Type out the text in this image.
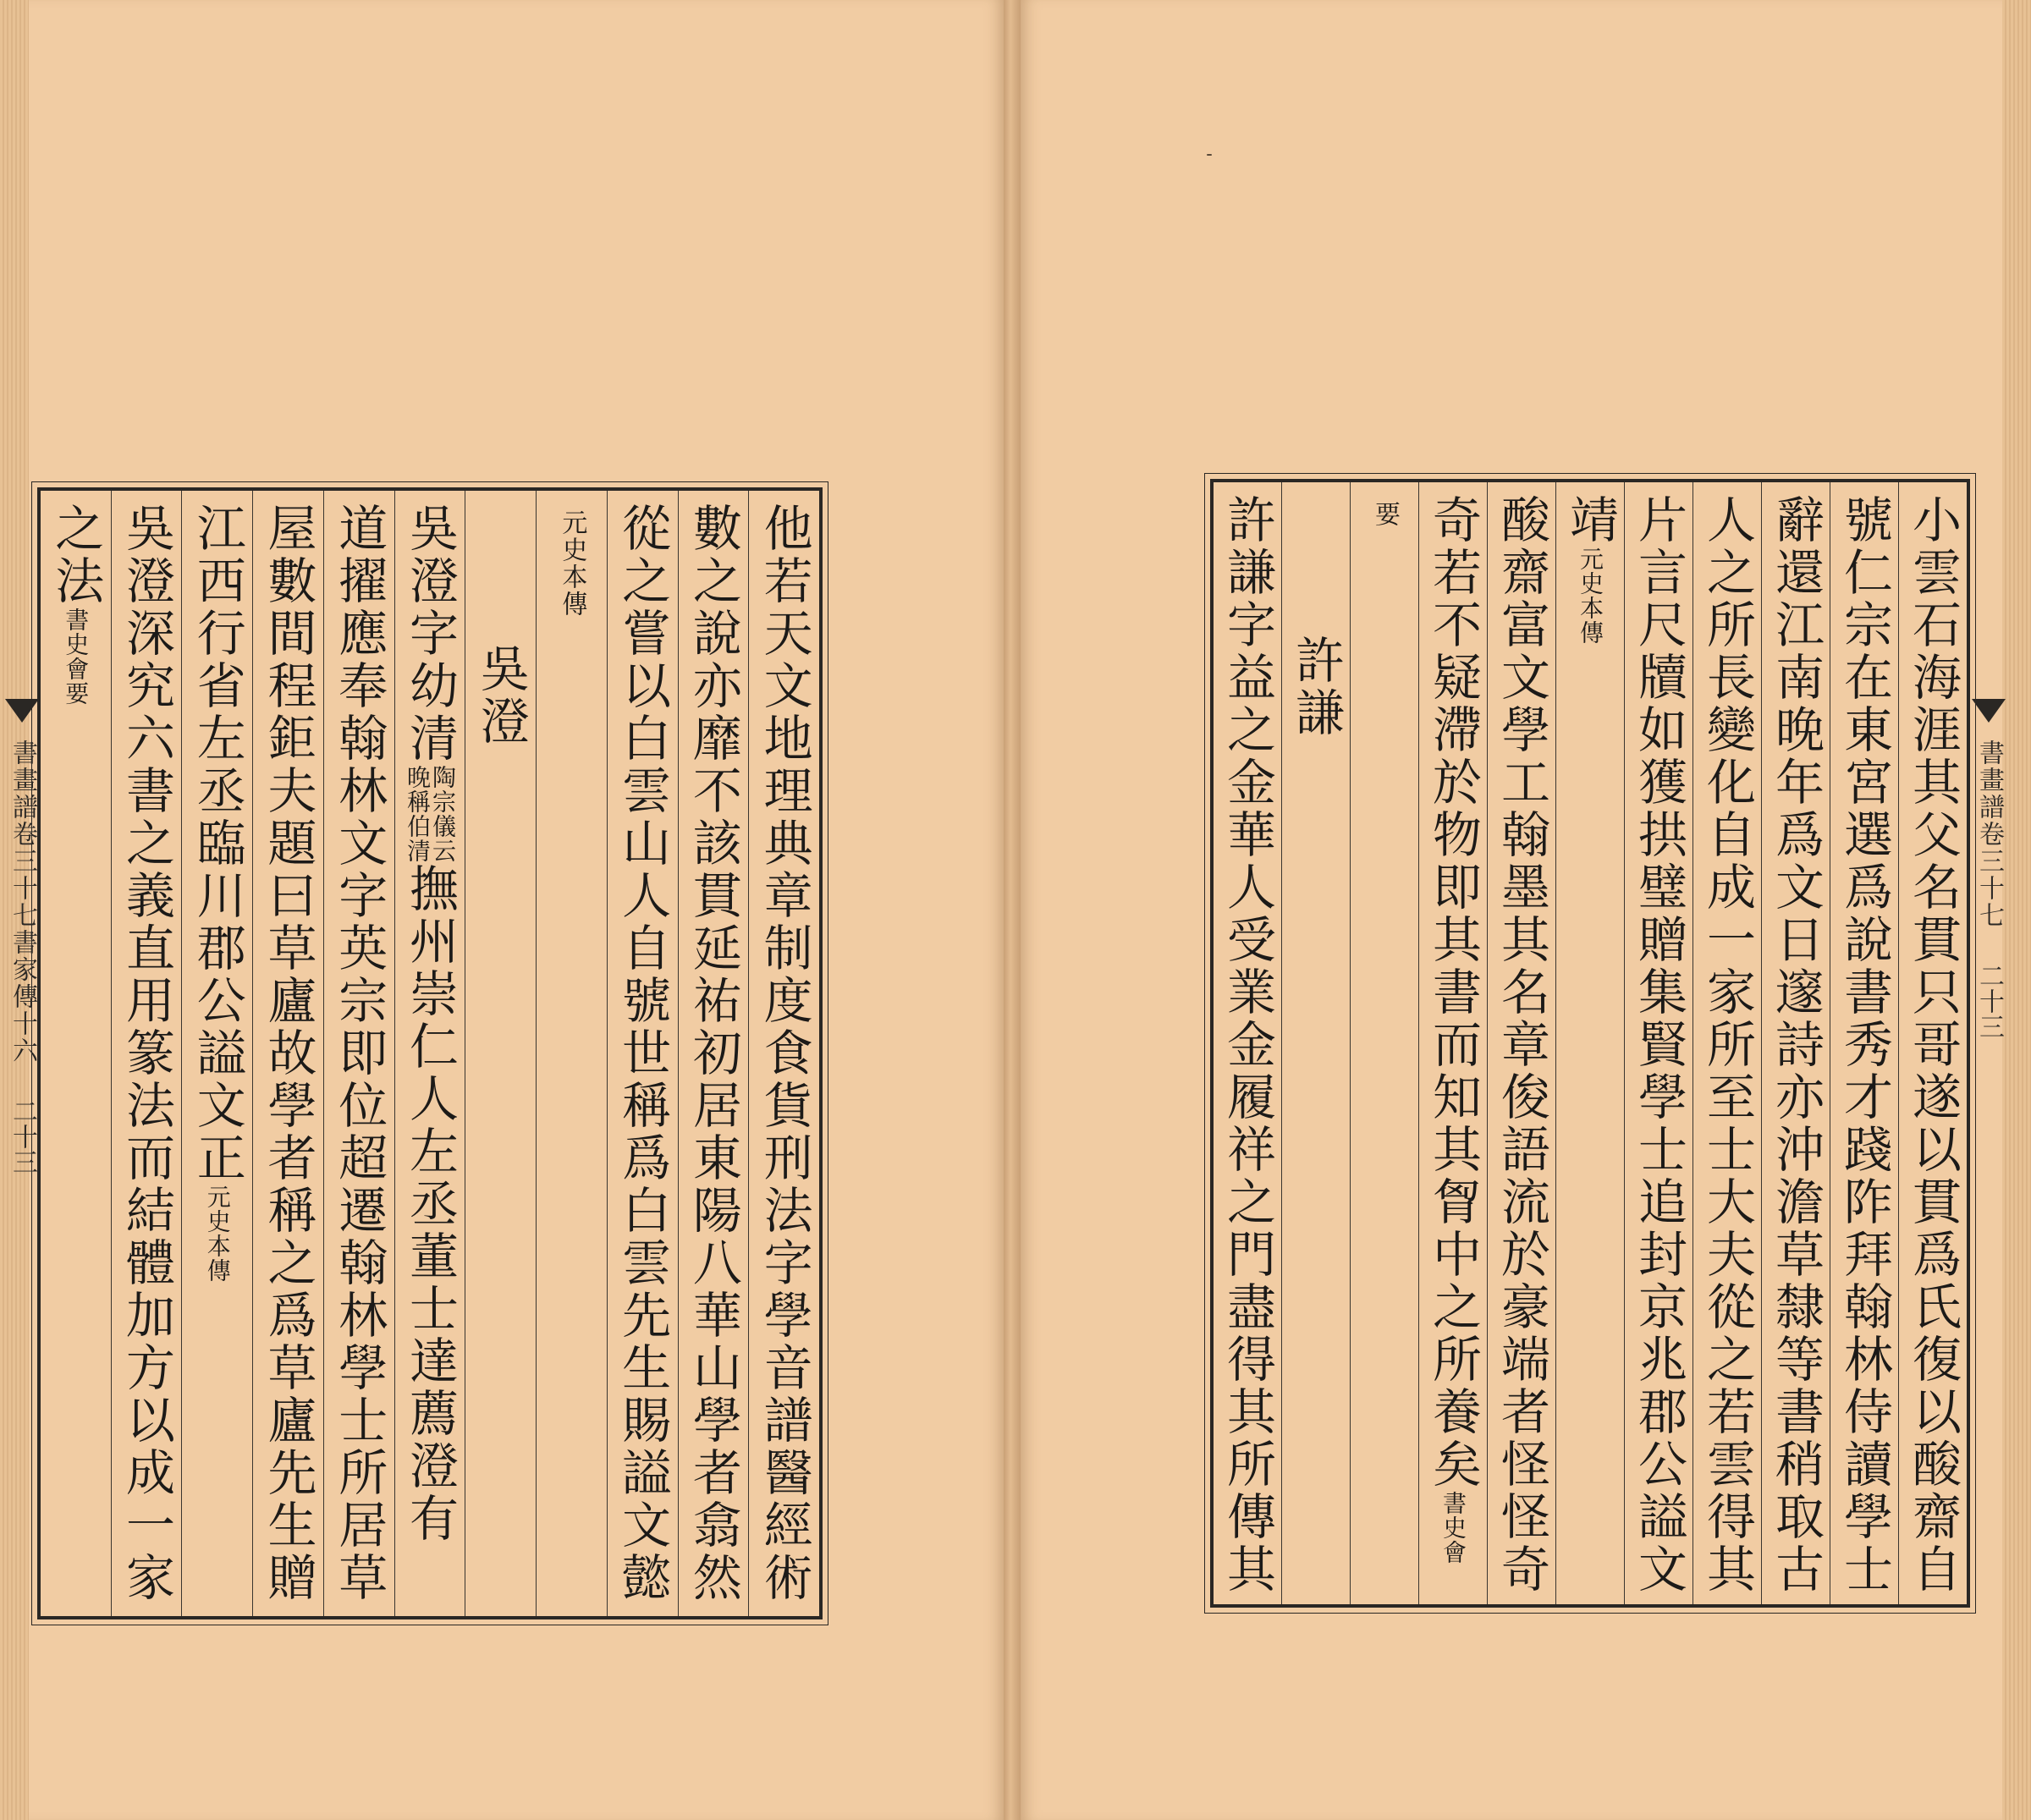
書畫譜卷三十七書家傳十六
二十三	他若天文地理典章制度食貨刑法字學音譜醫經術
數之說亦靡不該貫延祐初居東陽八華山學者翕然
從之嘗以白雲山人自號世稱爲白雲先生賜謚文懿
元史本傳
吳澄
吳澄字幼清
陶宗儀云
晚稱伯清
撫州崇仁人左丞董士達薦澄有
道擢應奉翰林文字英宗即位超遷翰林學士所居草
屋數間程鉅夫題曰草廬故學者稱之爲草廬先生贈
江西行省左丞臨川郡公謚文正元史本傳
吳澄深究六書之義直用篆法而結體加方以成一家
之法書史會要	小雲石海涯其父名貫只哥遂以貫爲氏復以酸齋自
號仁宗在東宮選爲說書秀才踐阼拜翰林侍讀學士
辭還江南晚年爲文日邃詩亦沖澹草隸等書稍取古
人之所長變化自成一家所至士大夫從之若雲得其
片言尺牘如獲拱璧贈集賢學士追封京兆郡公謚文
靖元史本傳
酸齋富文學工翰墨其名章俊語流於豪端者怪怪奇
奇若不疑滯於物即其書而知其胷中之所養矣書史會
要
許謙
許謙字益之金華人受業金履祥之門盡得其所傳其	書畫譜卷三十七
二十三
